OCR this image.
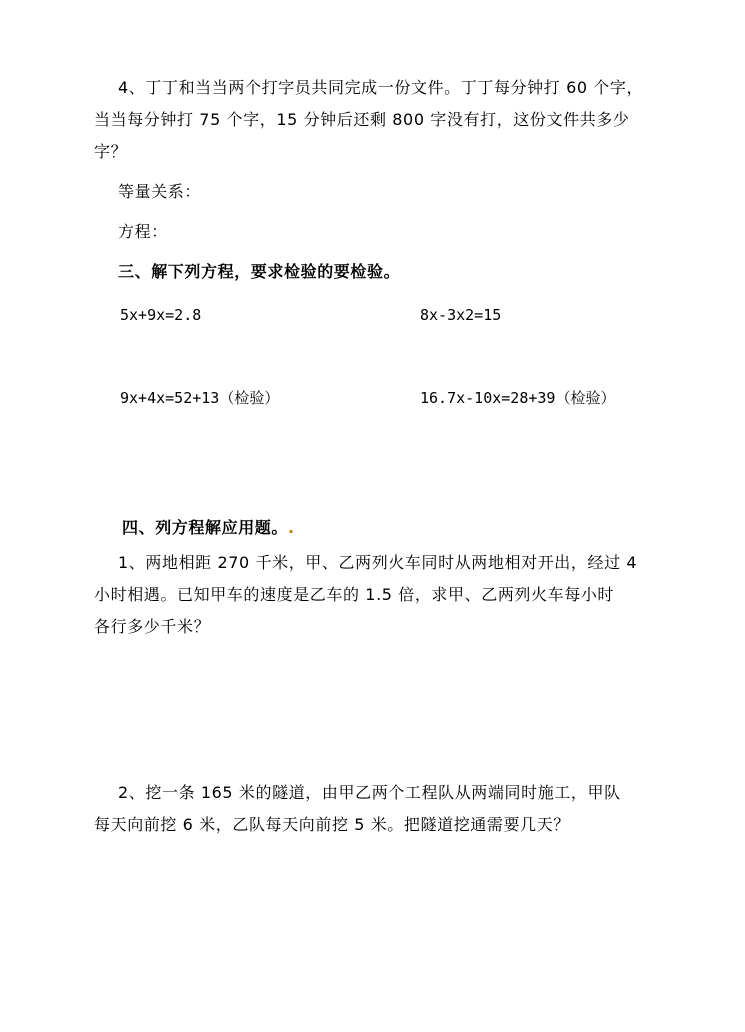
4、丁丁和当当两个打字员共同完成一份文件。丁丁每分钟打 60 个字，
当当每分钟打 75 个字，15 分钟后还剩 800 字没有打，这份文件共多少
字？
等量关系：
方程：
三、解下列方程，要求检验的要检验。
5x+9x=2.8	8x-3x2=15
9x+4x=52+13（检验）	16.7x-10x=28+39（检验）
四、列方程解应用题。.
1、两地相距 270 千米，甲、乙两列火车同时从两地相对开出，经过 4
小时相遇。已知甲车的速度是乙车的 1.5 倍，求甲、乙两列火车每小时
各行多少千米？
2、挖一条 165 米的隧道，由甲乙两个工程队从两端同时施工，甲队
每天向前挖 6 米，乙队每天向前挖 5 米。把隧道挖通需要几天？
